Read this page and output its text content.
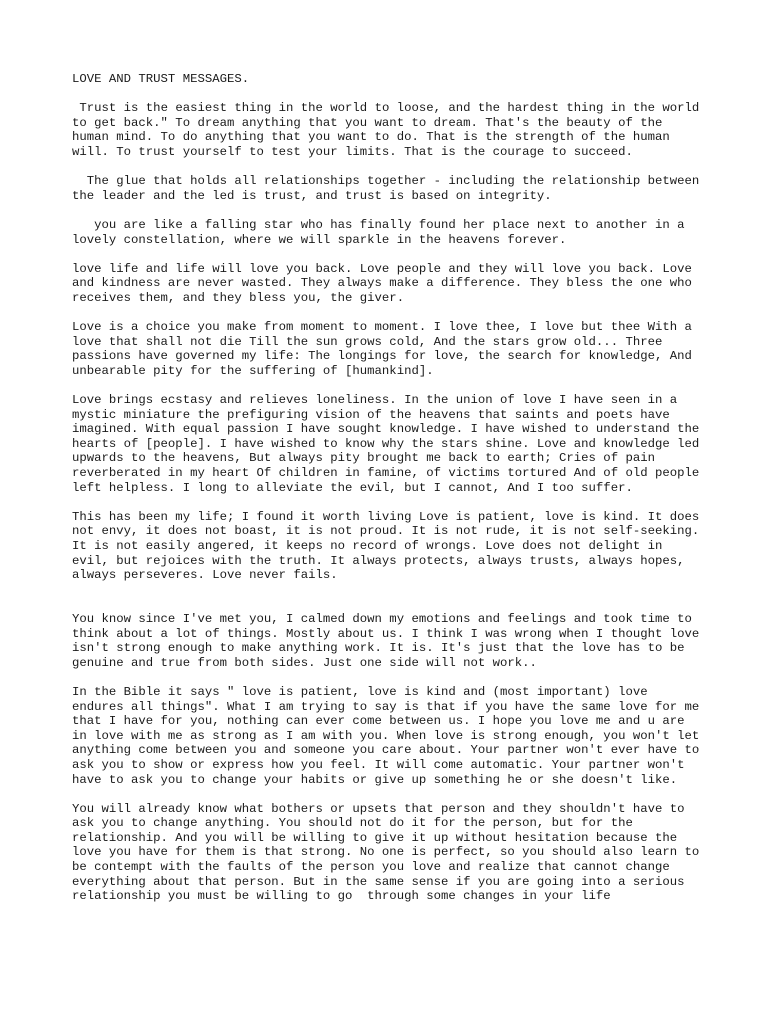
LOVE AND TRUST MESSAGES.
Trust is the easiest thing in the world to loose, and the hardest thing in the world to get back." To dream anything that you want to dream. That's the beauty of the human mind. To do anything that you want to do. That is the strength of the human will. To trust yourself to test your limits. That is the courage to succeed.
The glue that holds all relationships together - including the relationship between the leader and the led is trust, and trust is based on integrity.
you are like a falling star who has finally found her place next to another in a lovely constellation, where we will sparkle in the heavens forever.
love life and life will love you back. Love people and they will love you back. Love and kindness are never wasted. They always make a difference. They bless the one who receives them, and they bless you, the giver.
Love is a choice you make from moment to moment. I love thee, I love but thee With a love that shall not die Till the sun grows cold, And the stars grow old... Three passions have governed my life: The longings for love, the search for knowledge, And unbearable pity for the suffering of [humankind].
Love brings ecstasy and relieves loneliness. In the union of love I have seen in a mystic miniature the prefiguring vision of the heavens that saints and poets have imagined. With equal passion I have sought knowledge. I have wished to understand the hearts of [people]. I have wished to know why the stars shine. Love and knowledge led upwards to the heavens, But always pity brought me back to earth; Cries of pain reverberated in my heart Of children in famine, of victims tortured And of old people left helpless. I long to alleviate the evil, but I cannot, And I too suffer.
This has been my life; I found it worth living Love is patient, love is kind. It does not envy, it does not boast, it is not proud. It is not rude, it is not self-seeking. It is not easily angered, it keeps no record of wrongs. Love does not delight in evil, but rejoices with the truth. It always protects, always trusts, always hopes, always perseveres. Love never fails.
You know since I've met you, I calmed down my emotions and feelings and took time to think about a lot of things. Mostly about us. I think I was wrong when I thought love isn't strong enough to make anything work. It is. It's just that the love has to be genuine and true from both sides. Just one side will not work..
In the Bible it says " love is patient, love is kind and (most important) love endures all things". What I am trying to say is that if you have the same love for me that I have for you, nothing can ever come between us. I hope you love me and u are in love with me as strong as I am with you. When love is strong enough, you won't let anything come between you and someone you care about. Your partner won't ever have to ask you to show or express how you feel. It will come automatic. Your partner won't have to ask you to change your habits or give up something he or she doesn't like.
You will already know what bothers or upsets that person and they shouldn't have to ask you to change anything. You should not do it for the person, but for the relationship. And you will be willing to give it up without hesitation because the love you have for them is that strong. No one is perfect, so you should also learn to be contempt with the faults of the person you love and realize that cannot change everything about that person. But in the same sense if you are going into a serious relationship you must be willing to go  through some changes in your life
